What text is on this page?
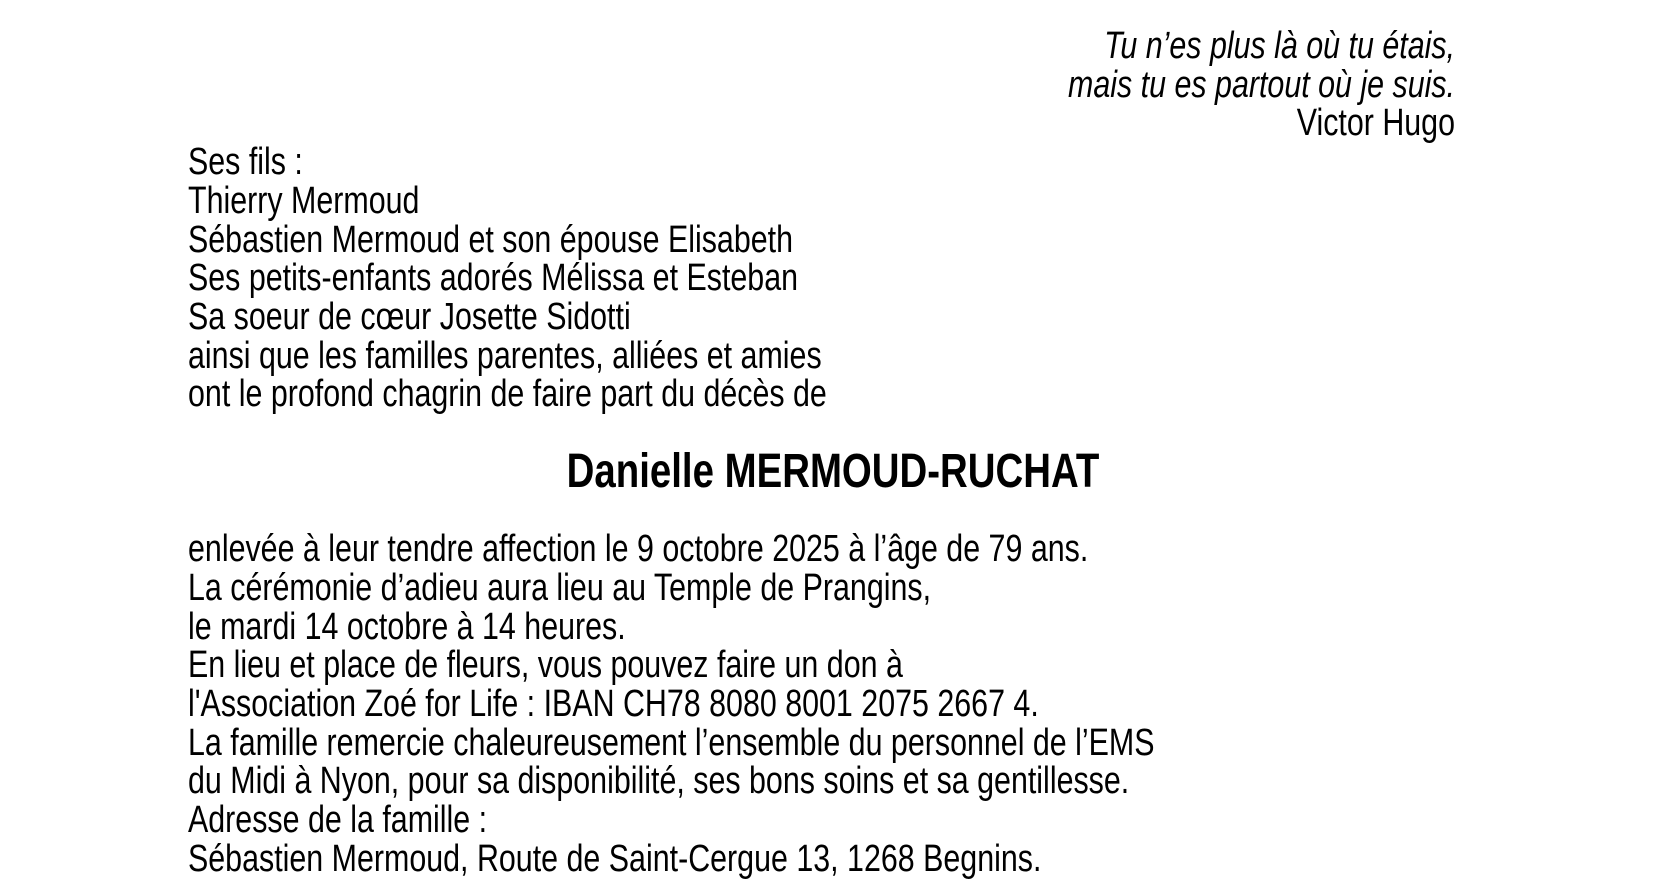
Tu n’es plus là où tu étais,
mais tu es partout où je suis.
Victor Hugo
Ses fils :
Thierry Mermoud
Sébastien Mermoud et son épouse Elisabeth
Ses petits-enfants adorés Mélissa et Esteban
Sa soeur de cœur Josette Sidotti
ainsi que les familles parentes, alliées et amies
ont le profond chagrin de faire part du décès de
Danielle MERMOUD-RUCHAT
enlevée à leur tendre affection le 9 octobre 2025 à l’âge de 79 ans.
La cérémonie d’adieu aura lieu au Temple de Prangins,
le mardi 14 octobre à 14 heures.
En lieu et place de fleurs, vous pouvez faire un don à
l'Association Zoé for Life : IBAN CH78 8080 8001 2075 2667 4.
La famille remercie chaleureusement l’ensemble du personnel de l’EMS
du Midi à Nyon, pour sa disponibilité, ses bons soins et sa gentillesse.
Adresse de la famille :
Sébastien Mermoud, Route de Saint-Cergue 13, 1268 Begnins.
